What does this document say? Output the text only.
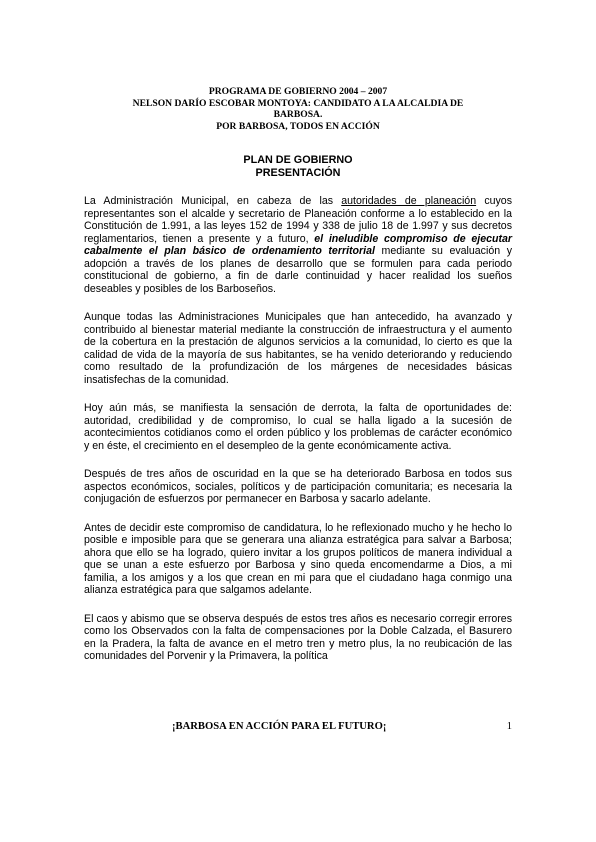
PROGRAMA DE GOBIERNO 2004 – 2007
NELSON DARÍO ESCOBAR MONTOYA: CANDIDATO A LA ALCALDIA DE
BARBOSA.
POR BARBOSA, TODOS EN ACCIÓN
PLAN DE GOBIERNO
PRESENTACIÓN

La Administración Municipal, en cabeza de las autoridades de planeación cuyos representantes son el alcalde y secretario de Planeación conforme a lo establecido en la Constitución de 1.991, a las leyes 152 de 1994 y 338 de julio 18 de 1.997 y sus decretos reglamentarios, tienen a presente y a futuro, el ineludible compromiso de ejecutar cabalmente el plan básico de ordenamiento territorial mediante su evaluación y adopción a través de los planes de desarrollo que se formulen para cada periodo constitucional de gobierno, a fin de darle continuidad y hacer realidad los sueños deseables y posibles de los Barboseños.

Aunque todas las Administraciones Municipales que han antecedido, ha avanzado y contribuido al bienestar material mediante la construcción de infraestructura y el aumento de la cobertura en la prestación de algunos servicios a la comunidad, lo cierto es que la calidad de vida de la mayoría de sus habitantes, se ha venido deteriorando y reduciendo como resultado de la profundización de los márgenes de necesidades básicas insatisfechas de la comunidad.

Hoy aún más, se manifiesta la sensación de derrota, la falta de oportunidades de: autoridad, credibilidad y de compromiso, lo cual se halla ligado a la sucesión de acontecimientos cotidianos como el orden público y los problemas de carácter económico y en éste, el crecimiento en el desempleo de la gente económicamente activa.

Después de tres años de oscuridad en la que se ha deteriorado Barbosa en todos sus aspectos económicos, sociales, políticos y de participación comunitaria; es necesaria la conjugación de esfuerzos por permanecer en Barbosa y sacarlo adelante.

Antes de decidir este compromiso de candidatura, lo he reflexionado mucho y he hecho lo posible e imposible para que se generara una alianza estratégica para salvar a Barbosa; ahora que ello se ha logrado, quiero invitar a los grupos políticos de manera individual a que se unan a este esfuerzo por Barbosa y sino queda encomendarme a Dios, a mi familia, a los amigos y a los que crean en mi para que el ciudadano haga conmigo una alianza estratégica para que salgamos adelante.

El caos y abismo que se observa después de estos tres años es necesario corregir errores como los Observados con la falta de compensaciones por la Doble Calzada, el Basurero en la Pradera, la falta de avance en el metro tren y metro plus, la no reubicación de las comunidades del Porvenir y la Primavera, la política

¡BARBOSA EN ACCIÓN PARA EL FUTURO¡	1
